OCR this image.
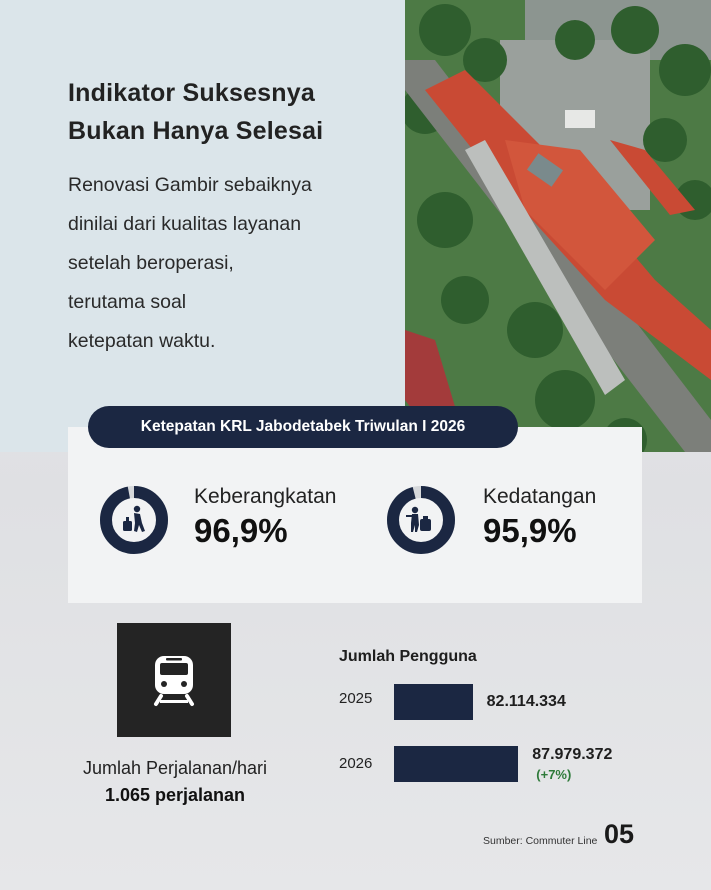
Indikator Suksesnya
Bukan Hanya Selesai
Renovasi Gambir sebaiknya
dinilai dari kualitas layanan
setelah beroperasi,
terutama soal
ketepatan waktu.
Ketepatan KRL Jabodetabek Triwulan I 2026
Keberangkatan
96,9%
Kedatangan
95,9%
Jumlah Perjalanan/hari
1.065 perjalanan
Jumlah Pengguna
2025
2026
82.114.334
87.979.372
(+7%)
Sumber: Commuter Line 05
